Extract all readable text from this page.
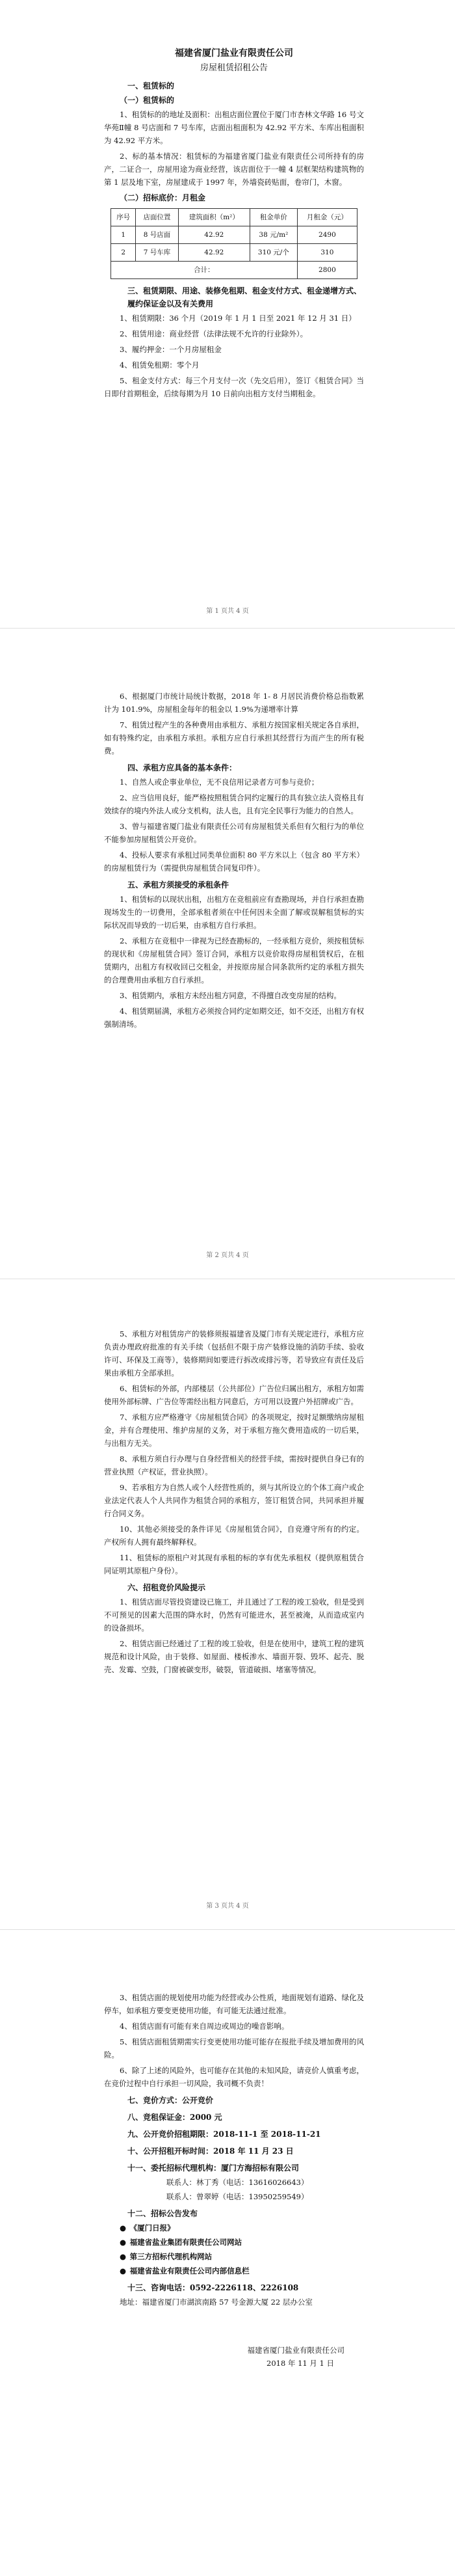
福建省厦门盐业有限责任公司
房屋租赁招租公告
一、租赁标的
（一）租赁标的

1、租赁标的的地址及面积：出租店面位置位于厦门市杏林文华路 16 号文华苑Ⅱ幢 8 号店面和 7 号车库，店面出租面积为 42.92 平方米、车库出租面积为 42.92 平方米。

2、标的基本情况：租赁标的为福建省厦门盐业有限责任公司所持有的房产，二证合一，房屋用途为商业经营，该店面位于一幢 4 层框架结构建筑物的第 1 层及地下室，房屋建成于 1997 年，外墙瓷砖贴面，卷帘门，木窗。

（二）招标底价：月租金
序号	店面位置	建筑面积（m²）	租金单价	月租金（元）
1	8 号店面	42.92	38 元/m²	2490
2	7 号车库	42.92	310 元/个	310
合计：				2800
三、租赁期限、用途、装修免租期、租金支付方式、租金递增方式、履约保证金以及有关费用

1、租赁期限：36 个月（2019 年 1 月 1 日至 2021 年 12 月 31 日）

2、租赁用途：商业经营（法律法规不允许的行业除外）。

3、履约押金：一个月房屋租金

4、租赁免租期：零个月

5、租金支付方式：每三个月支付一次（先交后用），签订《租赁合同》当日即付首期租金，后续每期为月 10 日前向出租方支付当期租金。

第 1 页共 4 页

6、根据厦门市统计局统计数据，2018 年 1- 8 月居民消费价格总指数累计为 101.9%，房屋租金每年的租金以 1.9%为递增率计算

7、租赁过程产生的各种费用由承租方、承租方按国家相关规定各自承担，如有特殊约定，由承租方承担。承租方应自行承担其经营行为而产生的所有税费。

四、承租方应具备的基本条件：

1、自然人或企事业单位，无不良信用记录者方可参与竞价；

2、应当信用良好，能严格按照租赁合同约定履行的具有独立法人资格且有效续存的境内外法人或分支机构，法人也，且有完全民事行为能力的自然人。

3、曾与福建省厦门盐业有限责任公司有房屋租赁关系但有欠租行为的单位不能参加房屋租赁公开竞价。

4、投标人要求有承租过同类单位面积 80 平方米以上（包含 80 平方米）的房屋租赁行为（需提供房屋租赁合同复印件）。

五、承租方须接受的承租条件

1、租赁标的以现状出租，出租方在竞租前应有查勘现场，并自行承担查勘现场发生的一切费用，全部承租者须在中任何因未全面了解或误解租赁标的实际状况而导致的一切后果，由承租方自行承担。

2、承租方在竞租中一律视为已经查勘标的，一经承租方竞价，须按租赁标的现状和《房屋租赁合同》签订合同，承租方以竞价取得房屋租赁权后，在租赁期内，出租方有权收回已交租金，并按原房屋合同条款所约定的承租方损失的合理费用由承租方自行承担。

3、租赁期内，承租方未经出租方同意，不得擅自改变房屋的结构。

4、租赁期届满，承租方必须按合同约定如期交还，如不交还，出租方有权强制清场。

第 2 页共 4 页

5、承租方对租赁房产的装修须报福建省及厦门市有关规定进行，承租方应负责办理政府批准的有关手续（包括但不限于房产装修设施的消防手续、验收许可、环保及工商等），装修期间如要进行拆改或排污等，若导致应有责任及后果由承租方全部承担。

6、租赁标的外部，内部楼层（公共部位）广告位归属出租方，承租方如需使用外部标牌、广告位等需经出租方同意后，方可用以设置户外招牌或广告。

7、承租方应严格遵守《房屋租赁合同》的各项规定，按时足额缴纳房屋租金，并有合理使用、维护房屋的义务，对于承租方拖欠费用造成的一切后果，与出租方无关。

8、承租方须自行办理与自身经营相关的经营手续，需按时提供自身已有的营业执照（产权证，营业执照）。

9、若承租方为自然人或个人经营性质的，须与其所设立的个体工商户或企业法定代表人个人共同作为租赁合同的承租方，签订租赁合同，共同承担并履行合同义务。

10、其他必须接受的条件详见《房屋租赁合同》，自竞遵守所有的约定。产权所有人拥有最终解释权。

11、租赁标的原租户对其现有承租的标的享有优先承租权（提供原租赁合同证明其原租户身份）。

六、招租竞价风险提示

1、租赁店面尽管投资建设已施工，并且通过了工程的竣工验收，但是受到不可预见的因素大范围的降水时，仍然有可能进水，甚至被淹，从而造成室内的设备损坏。

2、租赁店面已经通过了工程的竣工验收，但是在使用中，建筑工程的建筑规范和设计风险，由于装修、如屋面、楼板渗水、墙面开裂、毁坏、起壳、脱壳、发霉、空鼓，门窗被碳变形，破裂，管道破损、堵塞等情况。

第 3 页共 4 页

3、租赁店面的规划使用功能为经营或办公性质，地面规划有道路、绿化及停车，如承租方要变更使用功能，有可能无法通过批准。

4、租赁店面有可能有来自周边或周边的噪音影响。

5、租赁店面租赁期需实行变更使用功能可能存在报批手续及增加费用的风险。

6、除了上述的风险外，也可能存在其他的未知风险，请竞价人慎重考虑，在竞价过程中自行承担一切风险，我司概不负责！

七、竞价方式：公开竞价
八、竞租保证金：2000 元
九、公开竞价招租期限：2018-11-1 至 2018-11-21
十、公开招租开标时间：2018 年 11 月 23 日
十一、委托招标代理机构：厦门方海招标有限公司
联系人：林丁秀（电话：13616026643）
联系人：曾翠婷（电话：13950259549）
十二、招标公告发布
● 《厦门日报》
● 福建省盐业集团有限责任公司网站
● 第三方招标代理机构网站
● 福建省盐业有限责任公司内部信息栏
十三、咨询电话：0592-2226118、2226108

地址：福建省厦门市湖滨南路 57 号金源大厦 22 层办公室

福建省厦门盐业有限责任公司
2018 年 11 月 1 日
